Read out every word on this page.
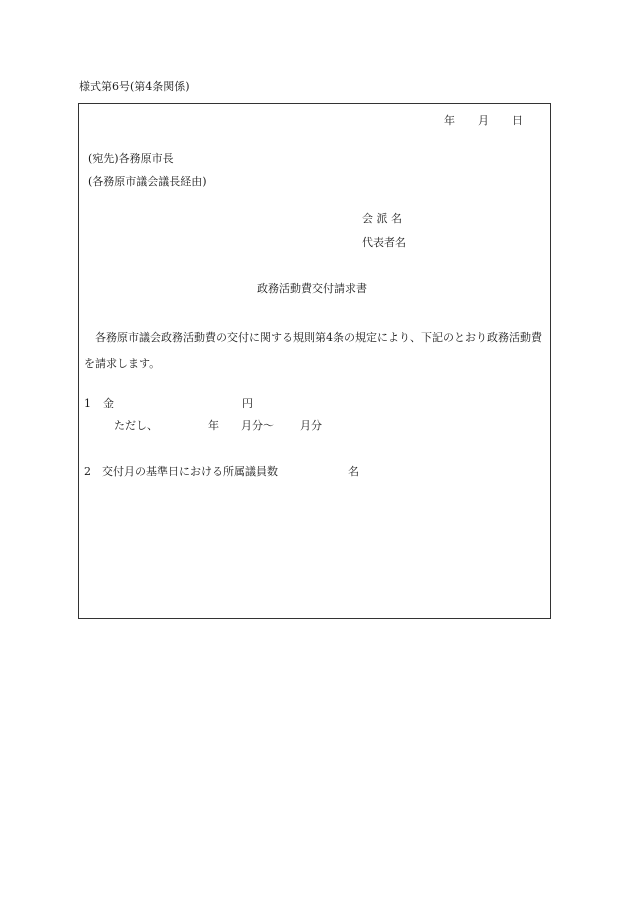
様式第6号(第4条関係)
年 月 日
(宛先)各務原市長
(各務原市議会議長経由)
会 派 名
代表者名
政務活動費交付請求書
各務原市議会政務活動費の交付に関する規則第4条の規定により、下記のとおり政務活動費を請求します。
1 金	円
ただし、	年 月分〜 月分
2 交付月の基準日における所属議員数	名
